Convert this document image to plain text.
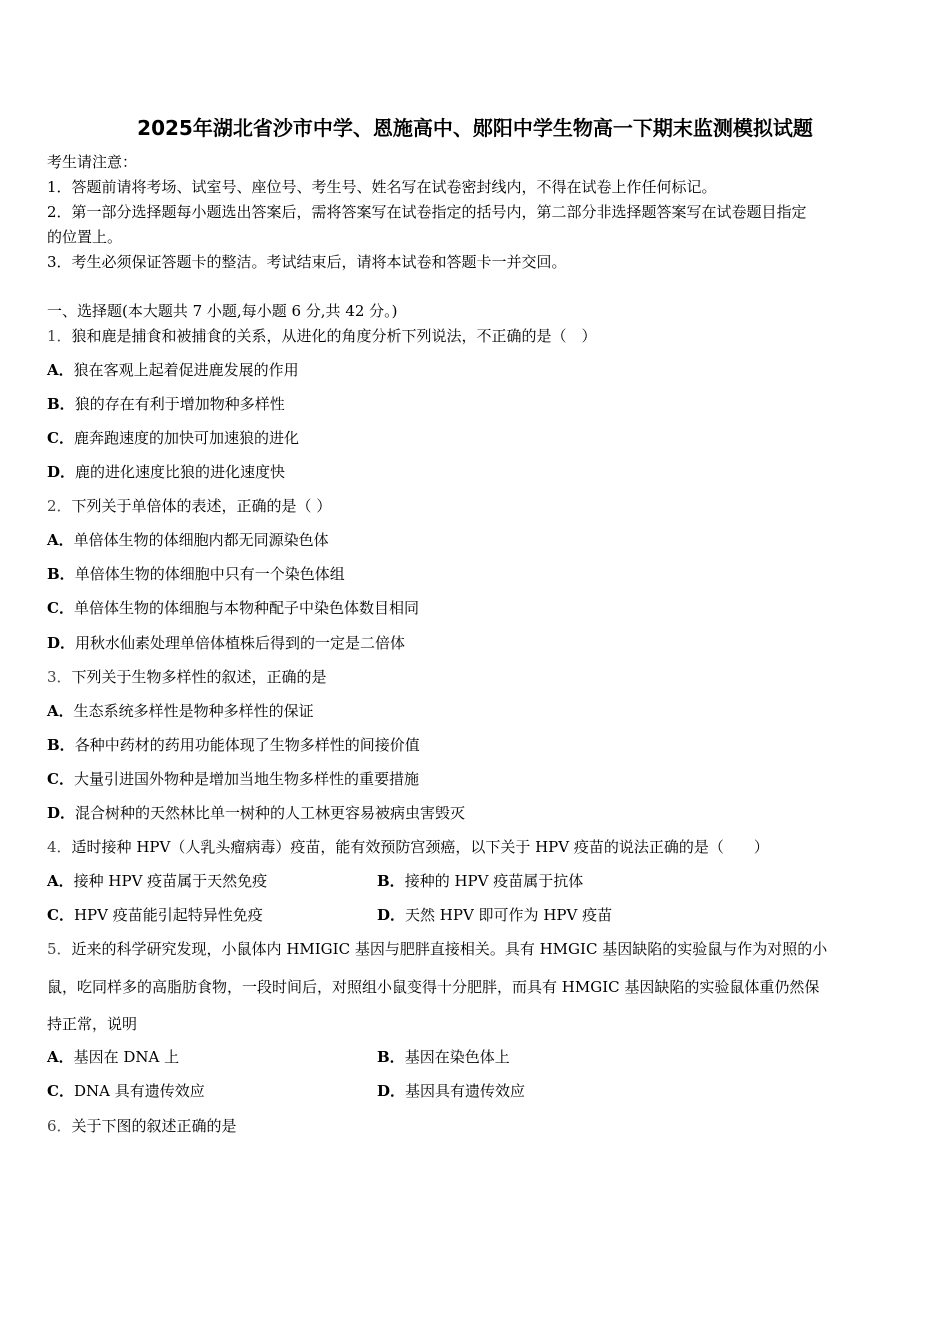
2025年湖北省沙市中学、恩施高中、郧阳中学生物高一下期末监测模拟试题
考生请注意：
1．答题前请将考场、试室号、座位号、考生号、姓名写在试卷密封线内，不得在试卷上作任何标记。
2．第一部分选择题每小题选出答案后，需将答案写在试卷指定的括号内，第二部分非选择题答案写在试卷题目指定
的位置上。
3．考生必须保证答题卡的整洁。考试结束后，请将本试卷和答题卡一并交回。
一、选择题(本大题共 7 小题,每小题 6 分,共 42 分。)
1．狼和鹿是捕食和被捕食的关系，从进化的角度分析下列说法，不正确的是（　）
A．狼在客观上起着促进鹿发展的作用
B．狼的存在有利于增加物种多样性
C．鹿奔跑速度的加快可加速狼的进化
D．鹿的进化速度比狼的进化速度快
2．下列关于单倍体的表述，正确的是（ ）
A．单倍体生物的体细胞内都无同源染色体
B．单倍体生物的体细胞中只有一个染色体组
C．单倍体生物的体细胞与本物种配子中染色体数目相同
D．用秋水仙素处理单倍体植株后得到的一定是二倍体
3．下列关于生物多样性的叙述，正确的是
A．生态系统多样性是物种多样性的保证
B．各种中药材的药用功能体现了生物多样性的间接价值
C．大量引进国外物种是增加当地生物多样性的重要措施
D．混合树种的天然林比单一树种的人工林更容易被病虫害毁灭
4．适时接种 HPV（人乳头瘤病毒）疫苗，能有效预防宫颈癌，以下关于 HPV 疫苗的说法正确的是（　　）
A．接种 HPV 疫苗属于天然免疫	B．接种的 HPV 疫苗属于抗体
C．HPV 疫苗能引起特异性免疫	D．天然 HPV 即可作为 HPV 疫苗
5．近来的科学研究发现，小鼠体内 HMIGIC 基因与肥胖直接相关。具有 HMGIC 基因缺陷的实验鼠与作为对照的小
鼠，吃同样多的高脂肪食物，一段时间后，对照组小鼠变得十分肥胖，而具有 HMGIC 基因缺陷的实验鼠体重仍然保
持正常，说明
A．基因在 DNA 上	B．基因在染色体上
C．DNA 具有遗传效应	D．基因具有遗传效应
6．关于下图的叙述正确的是
